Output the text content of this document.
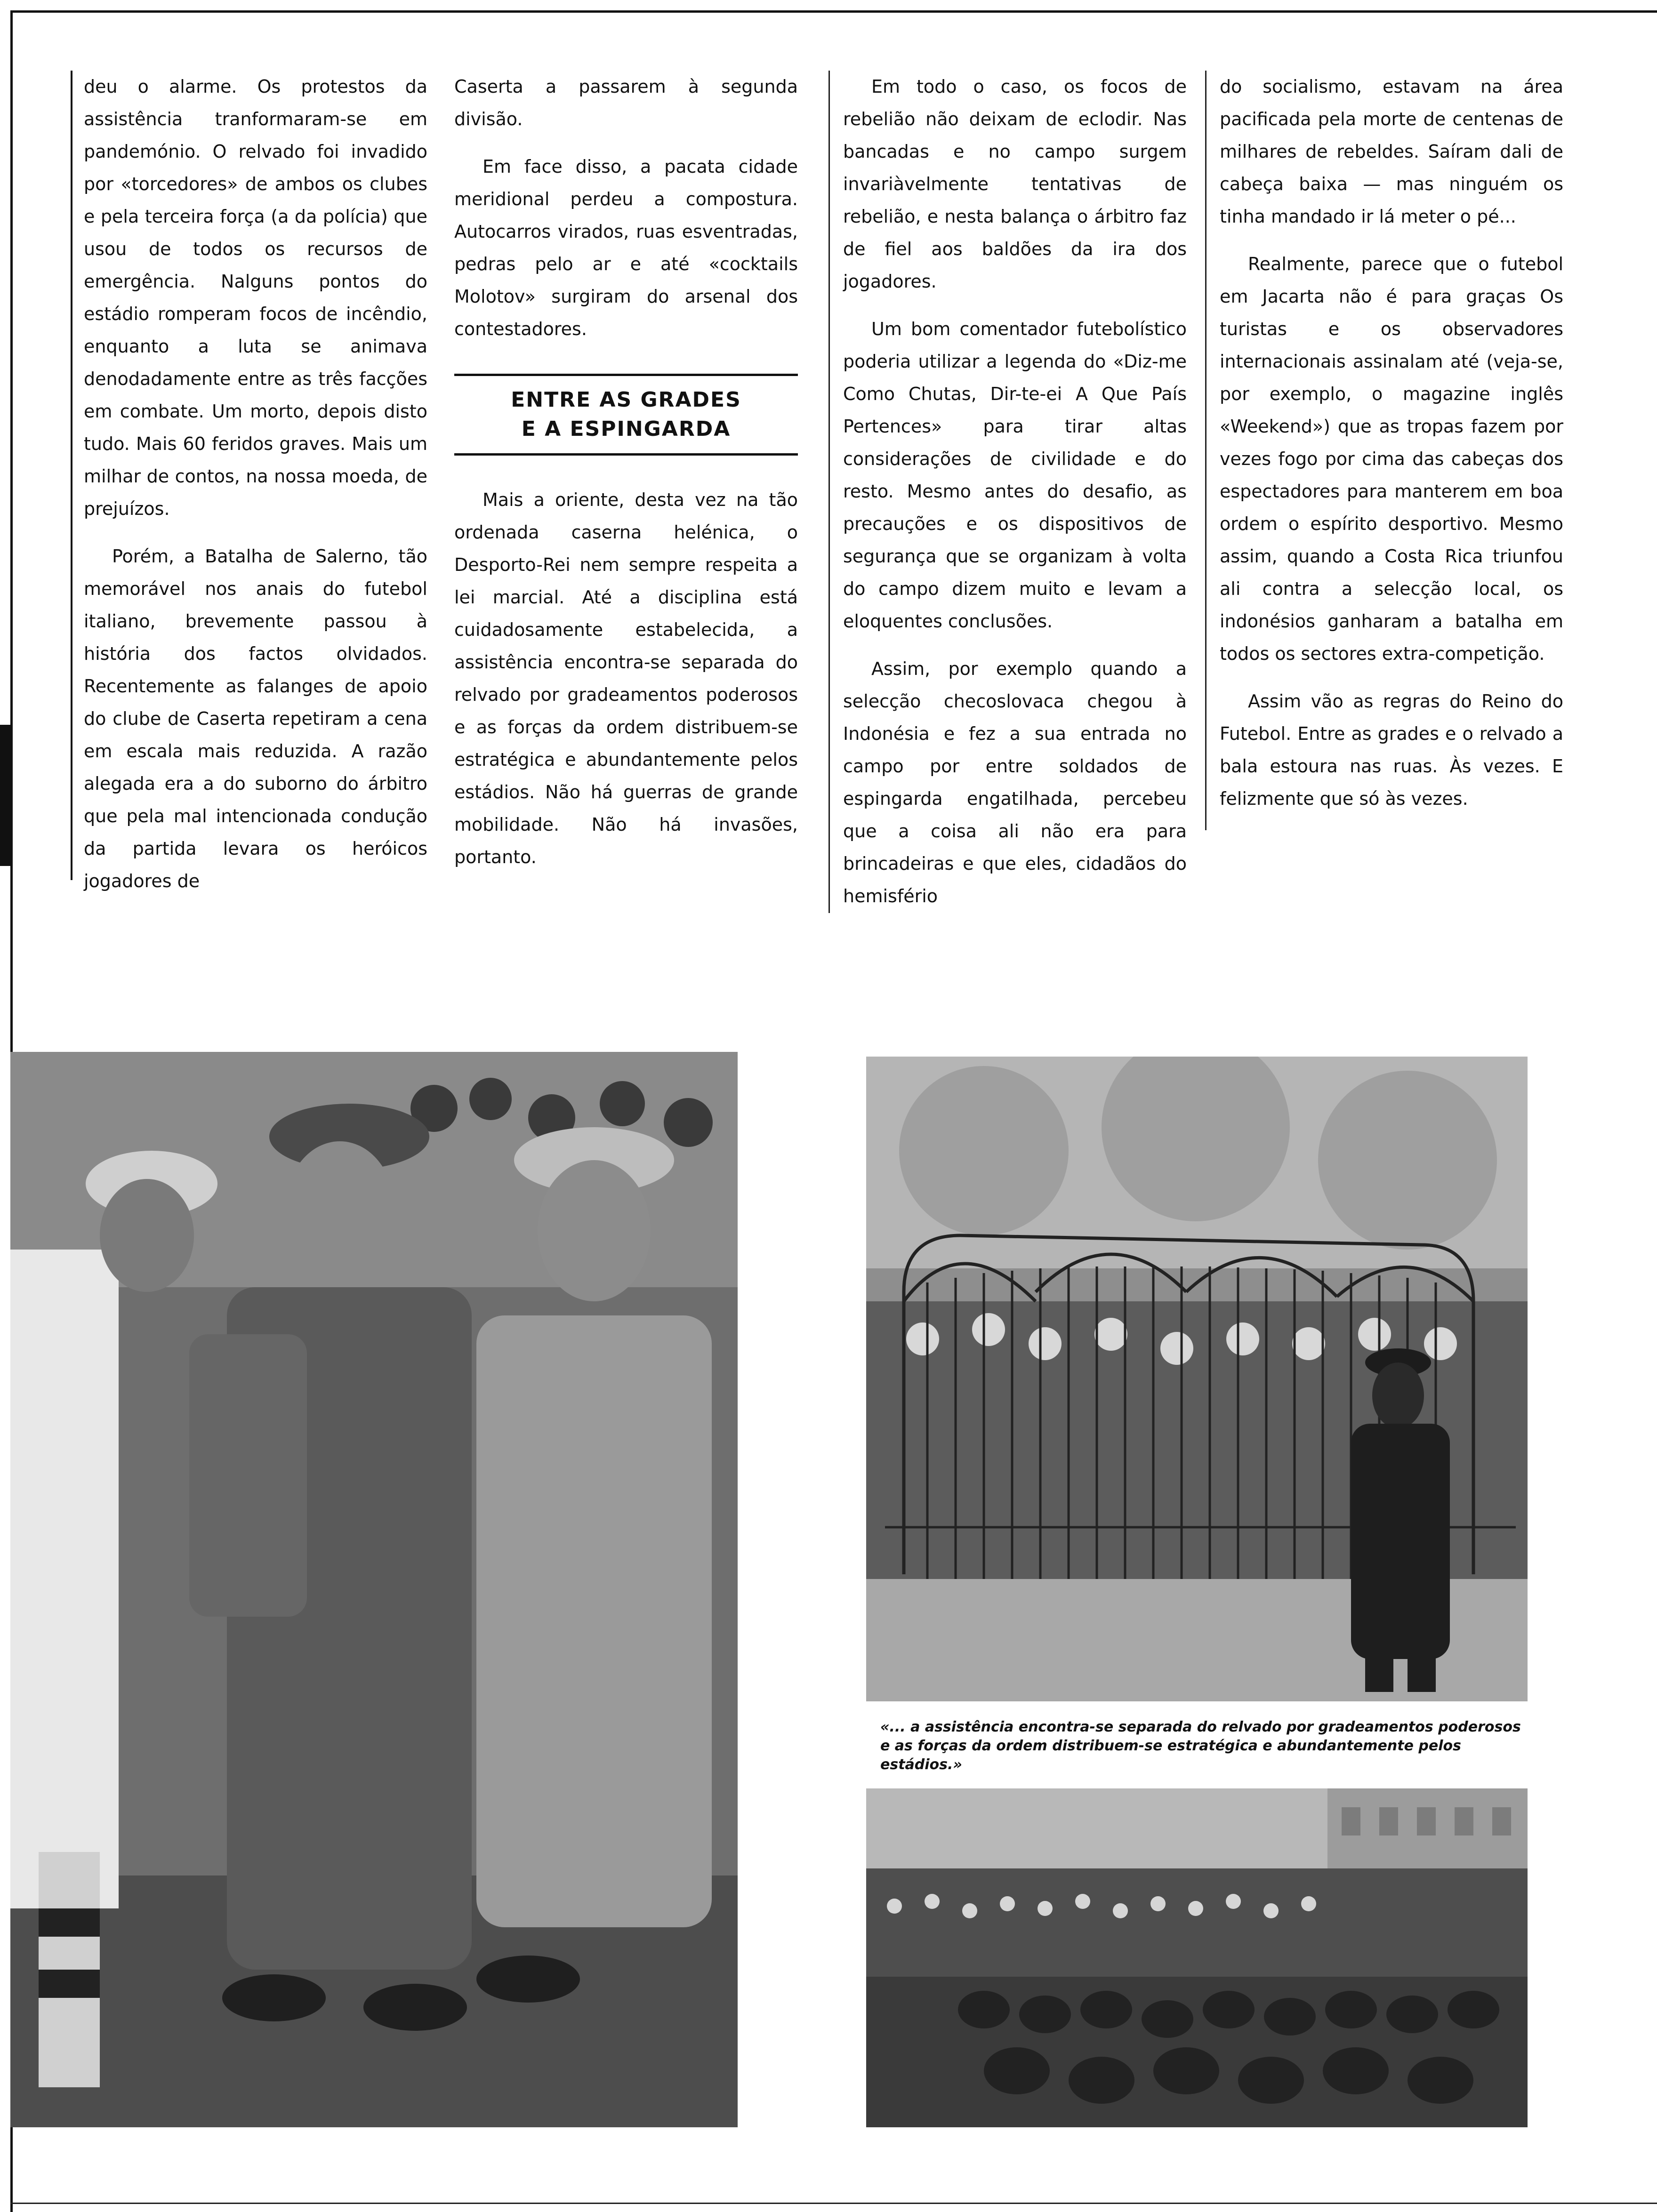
deu o alarme. Os protestos da assistência tranformaram-se em pandemónio. O relvado foi invadido por «torcedores» de ambos os clubes e pela terceira força (a da polícia) que usou de todos os recursos de emergência. Nalguns pontos do estádio romperam focos de incêndio, enquanto a luta se animava denodadamente entre as três facções em combate. Um morto, depois disto tudo. Mais 60 feridos graves. Mais um milhar de contos, na nossa moeda, de prejuízos.

Porém, a Batalha de Salerno, tão memorável nos anais do futebol italiano, brevemente passou à história dos factos olvidados. Recentemente as falanges de apoio do clube de Caserta repetiram a cena em escala mais reduzida. A razão alegada era a do suborno do árbitro que pela mal intencionada condução da partida levara os heróicos jogadores de

Caserta a passarem à segunda divisão.

Em face disso, a pacata cidade meridional perdeu a compostura. Autocarros virados, ruas esventradas, pedras pelo ar e até «cocktails Molotov» surgiram do arsenal dos contestadores.

ENTRE AS GRADES
E A ESPINGARDA

Mais a oriente, desta vez na tão ordenada caserna helénica, o Desporto-Rei nem sempre respeita a lei marcial. Até a disciplina está cuidadosamente estabelecida, a assistência encontra-se separada do relvado por gradeamentos poderosos e as forças da ordem distribuem-se estratégica e abundantemente pelos estádios. Não há guerras de grande mobilidade. Não há invasões, portanto.

Em todo o caso, os focos de rebelião não deixam de eclodir. Nas bancadas e no campo surgem invariàvelmente tentativas de rebelião, e nesta balança o árbitro faz de fiel aos baldões da ira dos jogadores.

Um bom comentador futebolístico poderia utilizar a legenda do «Diz-me Como Chutas, Dir-te-ei A Que País Pertences» para tirar altas considerações de civilidade e do resto. Mesmo antes do desafio, as precauções e os dispositivos de segurança que se organizam à volta do campo dizem muito e levam a eloquentes conclusões.

Assim, por exemplo quando a selecção checoslovaca chegou à Indonésia e fez a sua entrada no campo por entre soldados de espingarda engatilhada, percebeu que a coisa ali não era para brincadeiras e que eles, cidadãos do hemisfério

do socialismo, estavam na área pacificada pela morte de centenas de milhares de rebeldes. Saíram dali de cabeça baixa — mas ninguém os tinha mandado ir lá meter o pé...

Realmente, parece que o futebol em Jacarta não é para graças Os turistas e os observadores internacionais assinalam até (veja-se, por exemplo, o magazine inglês «Weekend») que as tropas fazem por vezes fogo por cima das cabeças dos espectadores para manterem em boa ordem o espírito desportivo. Mesmo assim, quando a Costa Rica triunfou ali contra a selecção local, os indonésios ganharam a batalha em todos os sectores extra-competição.

Assim vão as regras do Reino do Futebol. Entre as grades e o relvado a bala estoura nas ruas. Às vezes. E felizmente que só às vezes.

«... a assistência encontra-se separada do relvado por gradeamentos poderosos e as forças da ordem distribuem-se estratégica e abundantemente pelos estádios.»
